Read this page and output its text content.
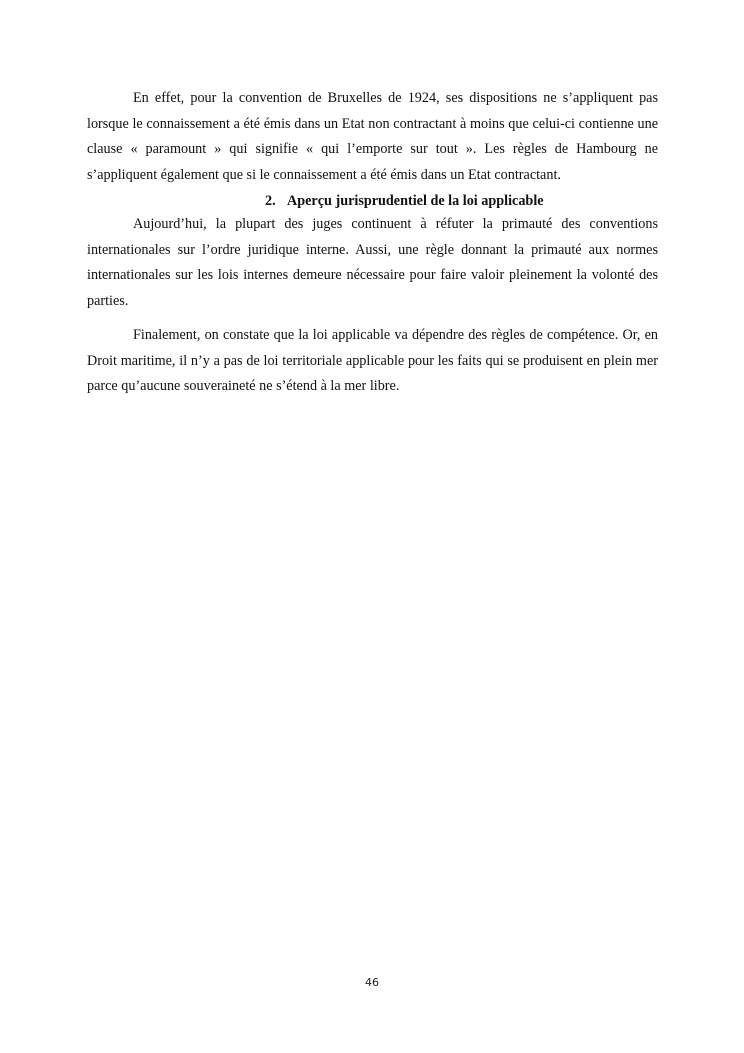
En effet, pour la convention de Bruxelles de 1924, ses dispositions ne s’appliquent pas lorsque le connaissement a été émis dans un Etat non contractant à moins que celui-ci contienne une clause « paramount » qui signifie « qui l’emporte sur tout ». Les règles de Hambourg ne s’appliquent également que si le connaissement a été émis dans un Etat contractant.

2. Aperçu jurisprudentiel de la loi applicable

Aujourd’hui, la plupart des juges continuent à réfuter la primauté des conventions internationales sur l’ordre juridique interne. Aussi, une règle donnant la primauté aux normes internationales sur les lois internes demeure nécessaire pour faire valoir pleinement la volonté des parties.

Finalement, on constate que la loi applicable va dépendre des règles de compétence. Or, en Droit maritime, il n’y a pas de loi territoriale applicable pour les faits qui se produisent en plein mer parce qu’aucune souveraineté ne s’étend à la mer libre.

46
